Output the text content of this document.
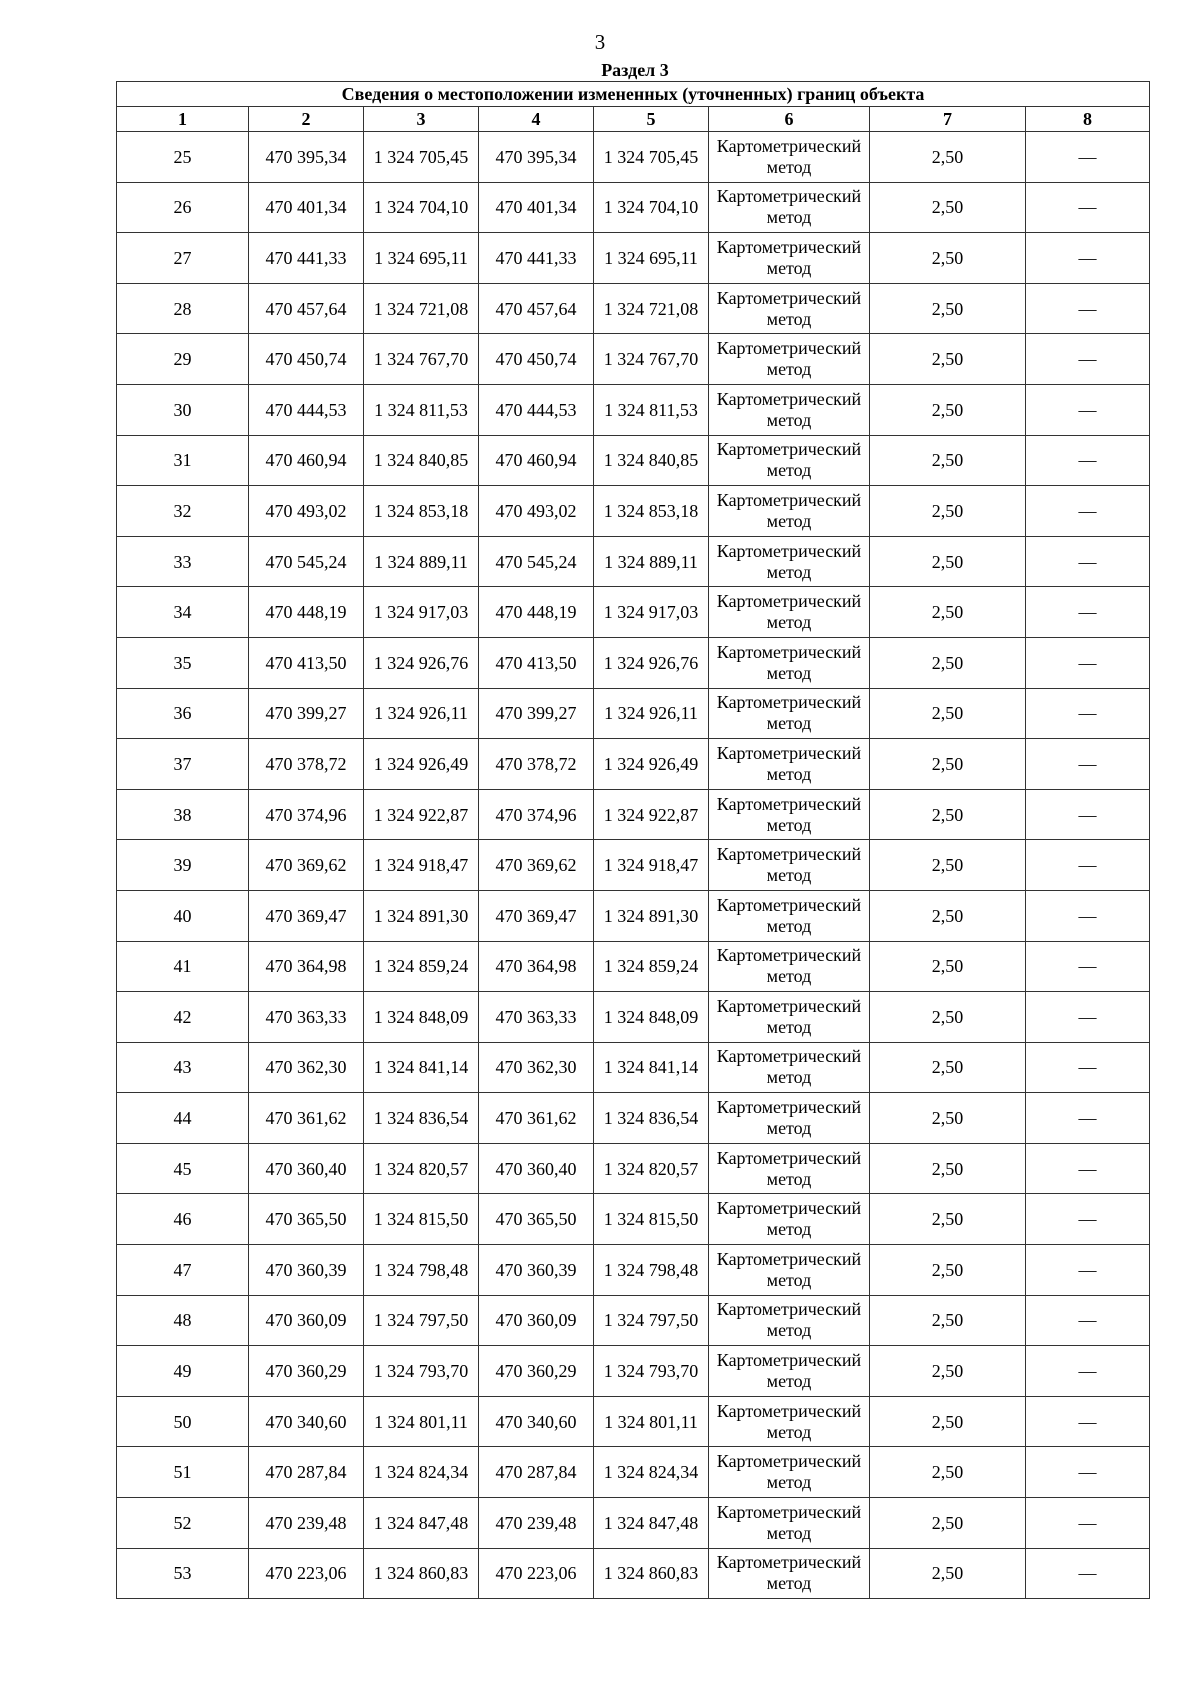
3
Раздел 3
Сведения о местоположении измененных (уточненных) границ объекта							
1	2	3	4	5	6	7	8
25	470 395,34	1 324 705,45	470 395,34	1 324 705,45	Картометрический метод	2,50	—
26	470 401,34	1 324 704,10	470 401,34	1 324 704,10	Картометрический метод	2,50	—
27	470 441,33	1 324 695,11	470 441,33	1 324 695,11	Картометрический метод	2,50	—
28	470 457,64	1 324 721,08	470 457,64	1 324 721,08	Картометрический метод	2,50	—
29	470 450,74	1 324 767,70	470 450,74	1 324 767,70	Картометрический метод	2,50	—
30	470 444,53	1 324 811,53	470 444,53	1 324 811,53	Картометрический метод	2,50	—
31	470 460,94	1 324 840,85	470 460,94	1 324 840,85	Картометрический метод	2,50	—
32	470 493,02	1 324 853,18	470 493,02	1 324 853,18	Картометрический метод	2,50	—
33	470 545,24	1 324 889,11	470 545,24	1 324 889,11	Картометрический метод	2,50	—
34	470 448,19	1 324 917,03	470 448,19	1 324 917,03	Картометрический метод	2,50	—
35	470 413,50	1 324 926,76	470 413,50	1 324 926,76	Картометрический метод	2,50	—
36	470 399,27	1 324 926,11	470 399,27	1 324 926,11	Картометрический метод	2,50	—
37	470 378,72	1 324 926,49	470 378,72	1 324 926,49	Картометрический метод	2,50	—
38	470 374,96	1 324 922,87	470 374,96	1 324 922,87	Картометрический метод	2,50	—
39	470 369,62	1 324 918,47	470 369,62	1 324 918,47	Картометрический метод	2,50	—
40	470 369,47	1 324 891,30	470 369,47	1 324 891,30	Картометрический метод	2,50	—
41	470 364,98	1 324 859,24	470 364,98	1 324 859,24	Картометрический метод	2,50	—
42	470 363,33	1 324 848,09	470 363,33	1 324 848,09	Картометрический метод	2,50	—
43	470 362,30	1 324 841,14	470 362,30	1 324 841,14	Картометрический метод	2,50	—
44	470 361,62	1 324 836,54	470 361,62	1 324 836,54	Картометрический метод	2,50	—
45	470 360,40	1 324 820,57	470 360,40	1 324 820,57	Картометрический метод	2,50	—
46	470 365,50	1 324 815,50	470 365,50	1 324 815,50	Картометрический метод	2,50	—
47	470 360,39	1 324 798,48	470 360,39	1 324 798,48	Картометрический метод	2,50	—
48	470 360,09	1 324 797,50	470 360,09	1 324 797,50	Картометрический метод	2,50	—
49	470 360,29	1 324 793,70	470 360,29	1 324 793,70	Картометрический метод	2,50	—
50	470 340,60	1 324 801,11	470 340,60	1 324 801,11	Картометрический метод	2,50	—
51	470 287,84	1 324 824,34	470 287,84	1 324 824,34	Картометрический метод	2,50	—
52	470 239,48	1 324 847,48	470 239,48	1 324 847,48	Картометрический метод	2,50	—
53	470 223,06	1 324 860,83	470 223,06	1 324 860,83	Картометрический метод	2,50	—
